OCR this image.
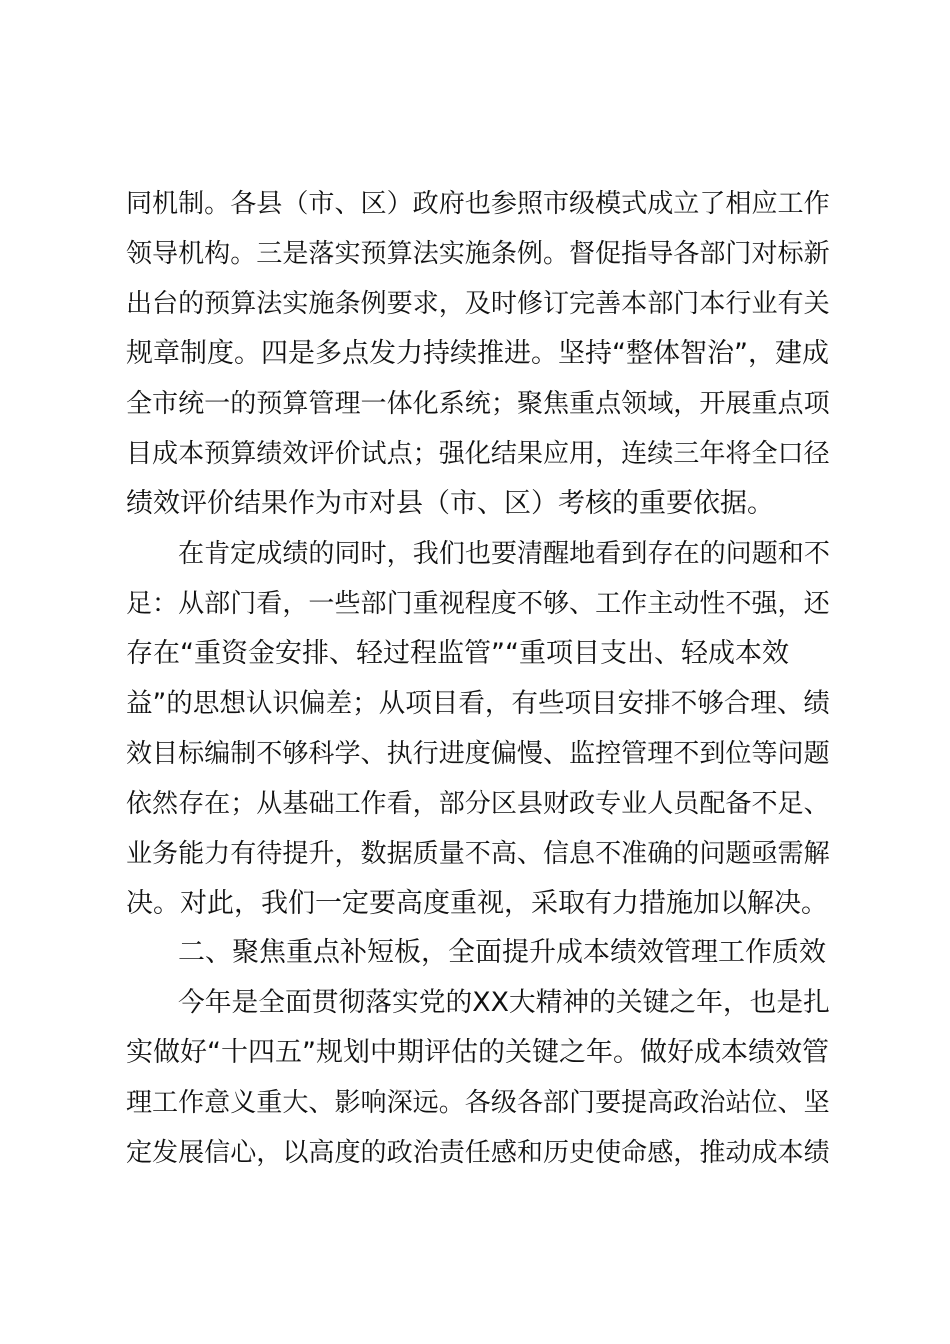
同机制。各县（市、区）政府也参照市级模式成立了相应工作
领导机构。三是落实预算法实施条例。督促指导各部门对标新
出台的预算法实施条例要求，及时修订完善本部门本行业有关
规章制度。四是多点发力持续推进。坚持“整体智治”，建成
全市统一的预算管理一体化系统；聚焦重点领域，开展重点项
目成本预算绩效评价试点；强化结果应用，连续三年将全口径
绩效评价结果作为市对县（市、区）考核的重要依据。
在肯定成绩的同时，我们也要清醒地看到存在的问题和不
足：从部门看，一些部门重视程度不够、工作主动性不强，还
存在“重资金安排、轻过程监管”“重项目支出、轻成本效
益”的思想认识偏差；从项目看，有些项目安排不够合理、绩
效目标编制不够科学、执行进度偏慢、监控管理不到位等问题
依然存在；从基础工作看，部分区县财政专业人员配备不足、
业务能力有待提升，数据质量不高、信息不准确的问题亟需解
决。对此，我们一定要高度重视，采取有力措施加以解决。
二、聚焦重点补短板，全面提升成本绩效管理工作质效
今年是全面贯彻落实党的XX大精神的关键之年，也是扎
实做好“十四五”规划中期评估的关键之年。做好成本绩效管
理工作意义重大、影响深远。各级各部门要提高政治站位、坚
定发展信心，以高度的政治责任感和历史使命感，推动成本绩
